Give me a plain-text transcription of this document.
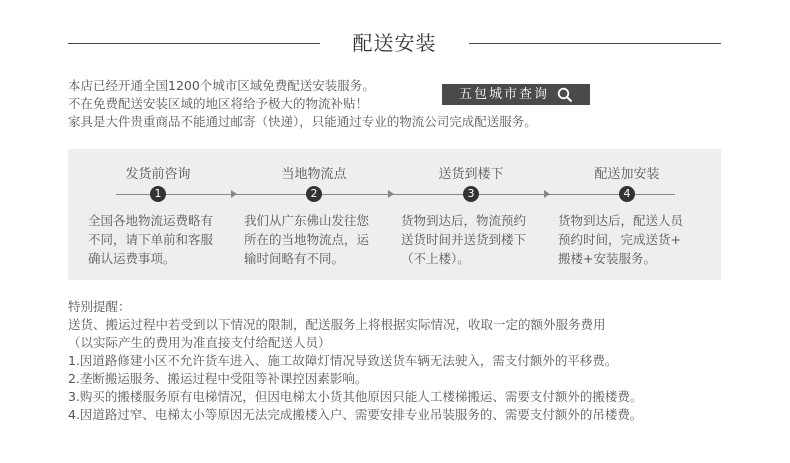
配送安装
本店已经开通全国1200个城市区域免费配送安装服务。
不在免费配送安装区域的地区将给予极大的物流补贴！
家具是大件贵重商品不能通过邮寄（快递），只能通过专业的物流公司完成配送服务。
五包城市查询
发货前咨询
1
当地物流点
2
送货到楼下
3
配送加安装
4
全国各地物流运费略有
不同，请下单前和客服
确认运费事项。
我们从广东佛山发往您
所在的当地物流点，运
输时间略有不同。
货物到达后，物流预约
送货时间并送货到楼下
（不上楼）。
货物到达后，配送人员
预约时间，完成送货+
搬楼+安装服务。
特别提醒：
送货、搬运过程中若受到以下情况的限制，配送服务上将根据实际情况，收取一定的额外服务费用
（以实际产生的费用为准直接支付给配送人员）
1.因道路修建小区不允许货车进入、施工故障灯情况导致送货车辆无法驶入，需支付额外的平移费。
2.垄断搬运服务、搬运过程中受阻等补课控因素影响。
3.购买的搬楼服务原有电梯情况，但因电梯太小货其他原因只能人工楼梯搬运、需要支付额外的搬楼费。
4.因道路过窄、电梯太小等原因无法完成搬楼入户、需要安排专业吊装服务的、需要支付额外的吊楼费。
